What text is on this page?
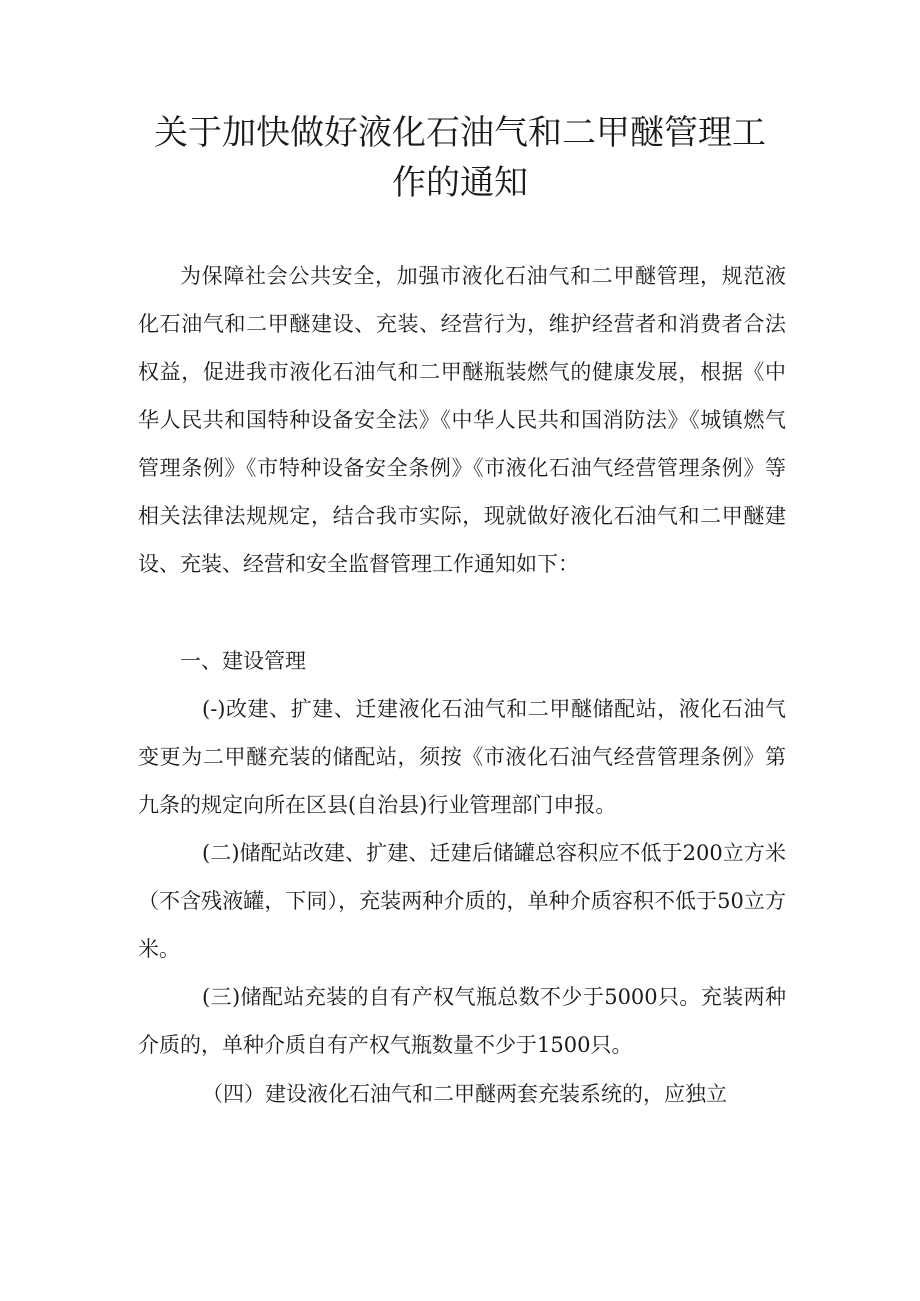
关于加快做好液化石油气和二甲醚管理工
作的通知

为保障社会公共安全，加强市液化石油气和二甲醚管理，规范液化石油气和二甲醚建设、充装、经营行为，维护经营者和消费者合法权益，促进我市液化石油气和二甲醚瓶装燃气的健康发展，根据《中华人民共和国特种设备安全法》《中华人民共和国消防法》《城镇燃气管理条例》《市特种设备安全条例》《市液化石油气经营管理条例》等相关法律法规规定，结合我市实际，现就做好液化石油气和二甲醚建设、充装、经营和安全监督管理工作通知如下：

一、建设管理

(-)改建、扩建、迁建液化石油气和二甲醚储配站，液化石油气变更为二甲醚充装的储配站，须按《市液化石油气经营管理条例》第九条的规定向所在区县(自治县)行业管理部门申报。

(二)储配站改建、扩建、迁建后储罐总容积应不低于200立方米（不含残液罐，下同），充装两种介质的，单种介质容积不低于50立方米。

(三)储配站充装的自有产权气瓶总数不少于5000只。充装两种介质的，单种介质自有产权气瓶数量不少于1500只。

（四）建设液化石油气和二甲醚两套充装系统的，应独立
